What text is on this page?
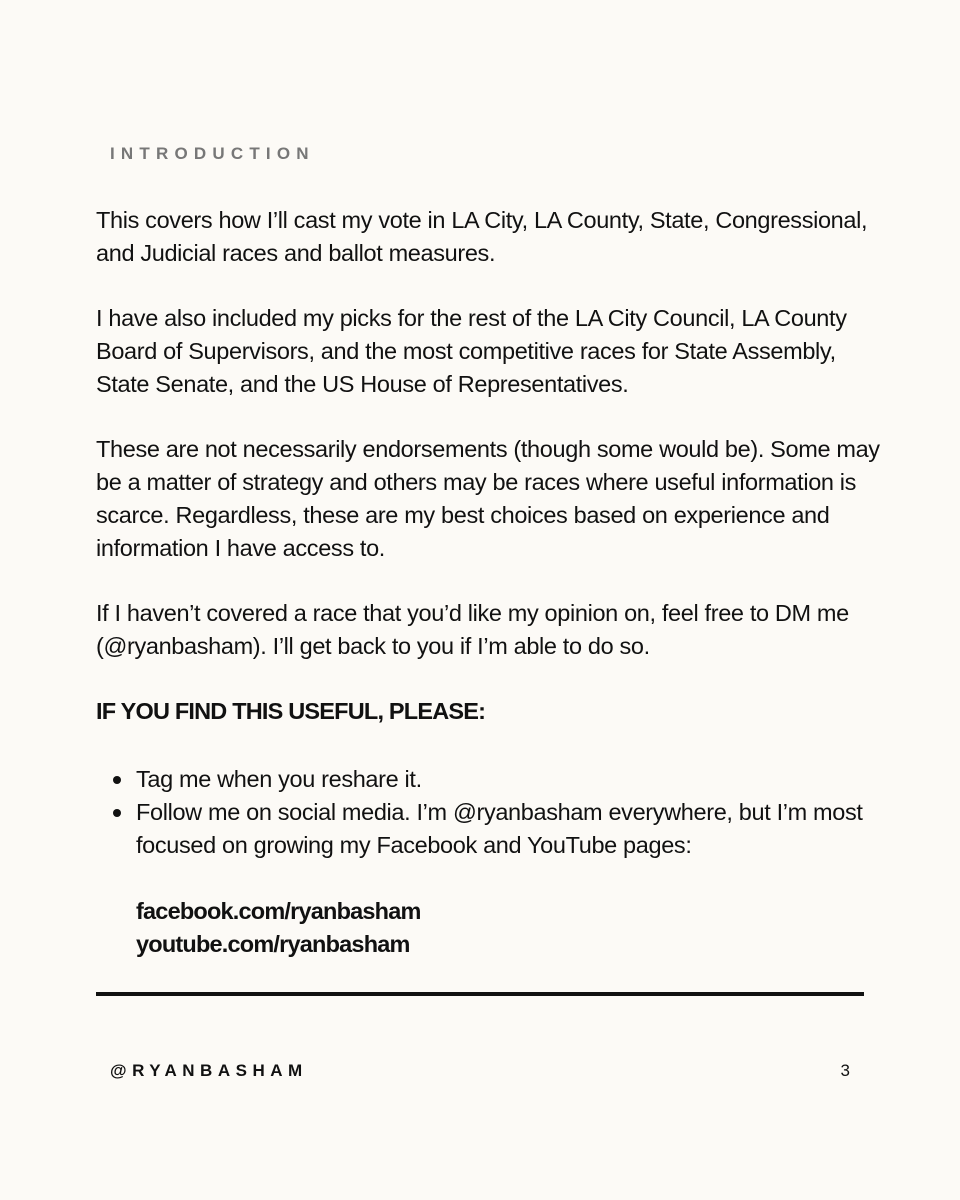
INTRODUCTION

This covers how I’ll cast my vote in LA City, LA County, State, Congressional, and Judicial races and ballot measures.

I have also included my picks for the rest of the LA City Council, LA County Board of Supervisors, and the most competitive races for State Assembly, State Senate, and the US House of Representatives.

These are not necessarily endorsements (though some would be). Some may be a matter of strategy and others may be races where useful information is scarce. Regardless, these are my best choices based on experience and information I have access to.

If I haven’t covered a race that you’d like my opinion on, feel free to DM me (@ryanbasham). I’ll get back to you if I’m able to do so.

IF YOU FIND THIS USEFUL, PLEASE:

Tag me when you reshare it.
Follow me on social media. I’m @ryanbasham everywhere, but I’m most focused on growing my Facebook and YouTube pages:
facebook.com/ryanbasham
youtube.com/ryanbasham
@RYANBASHAM	3
